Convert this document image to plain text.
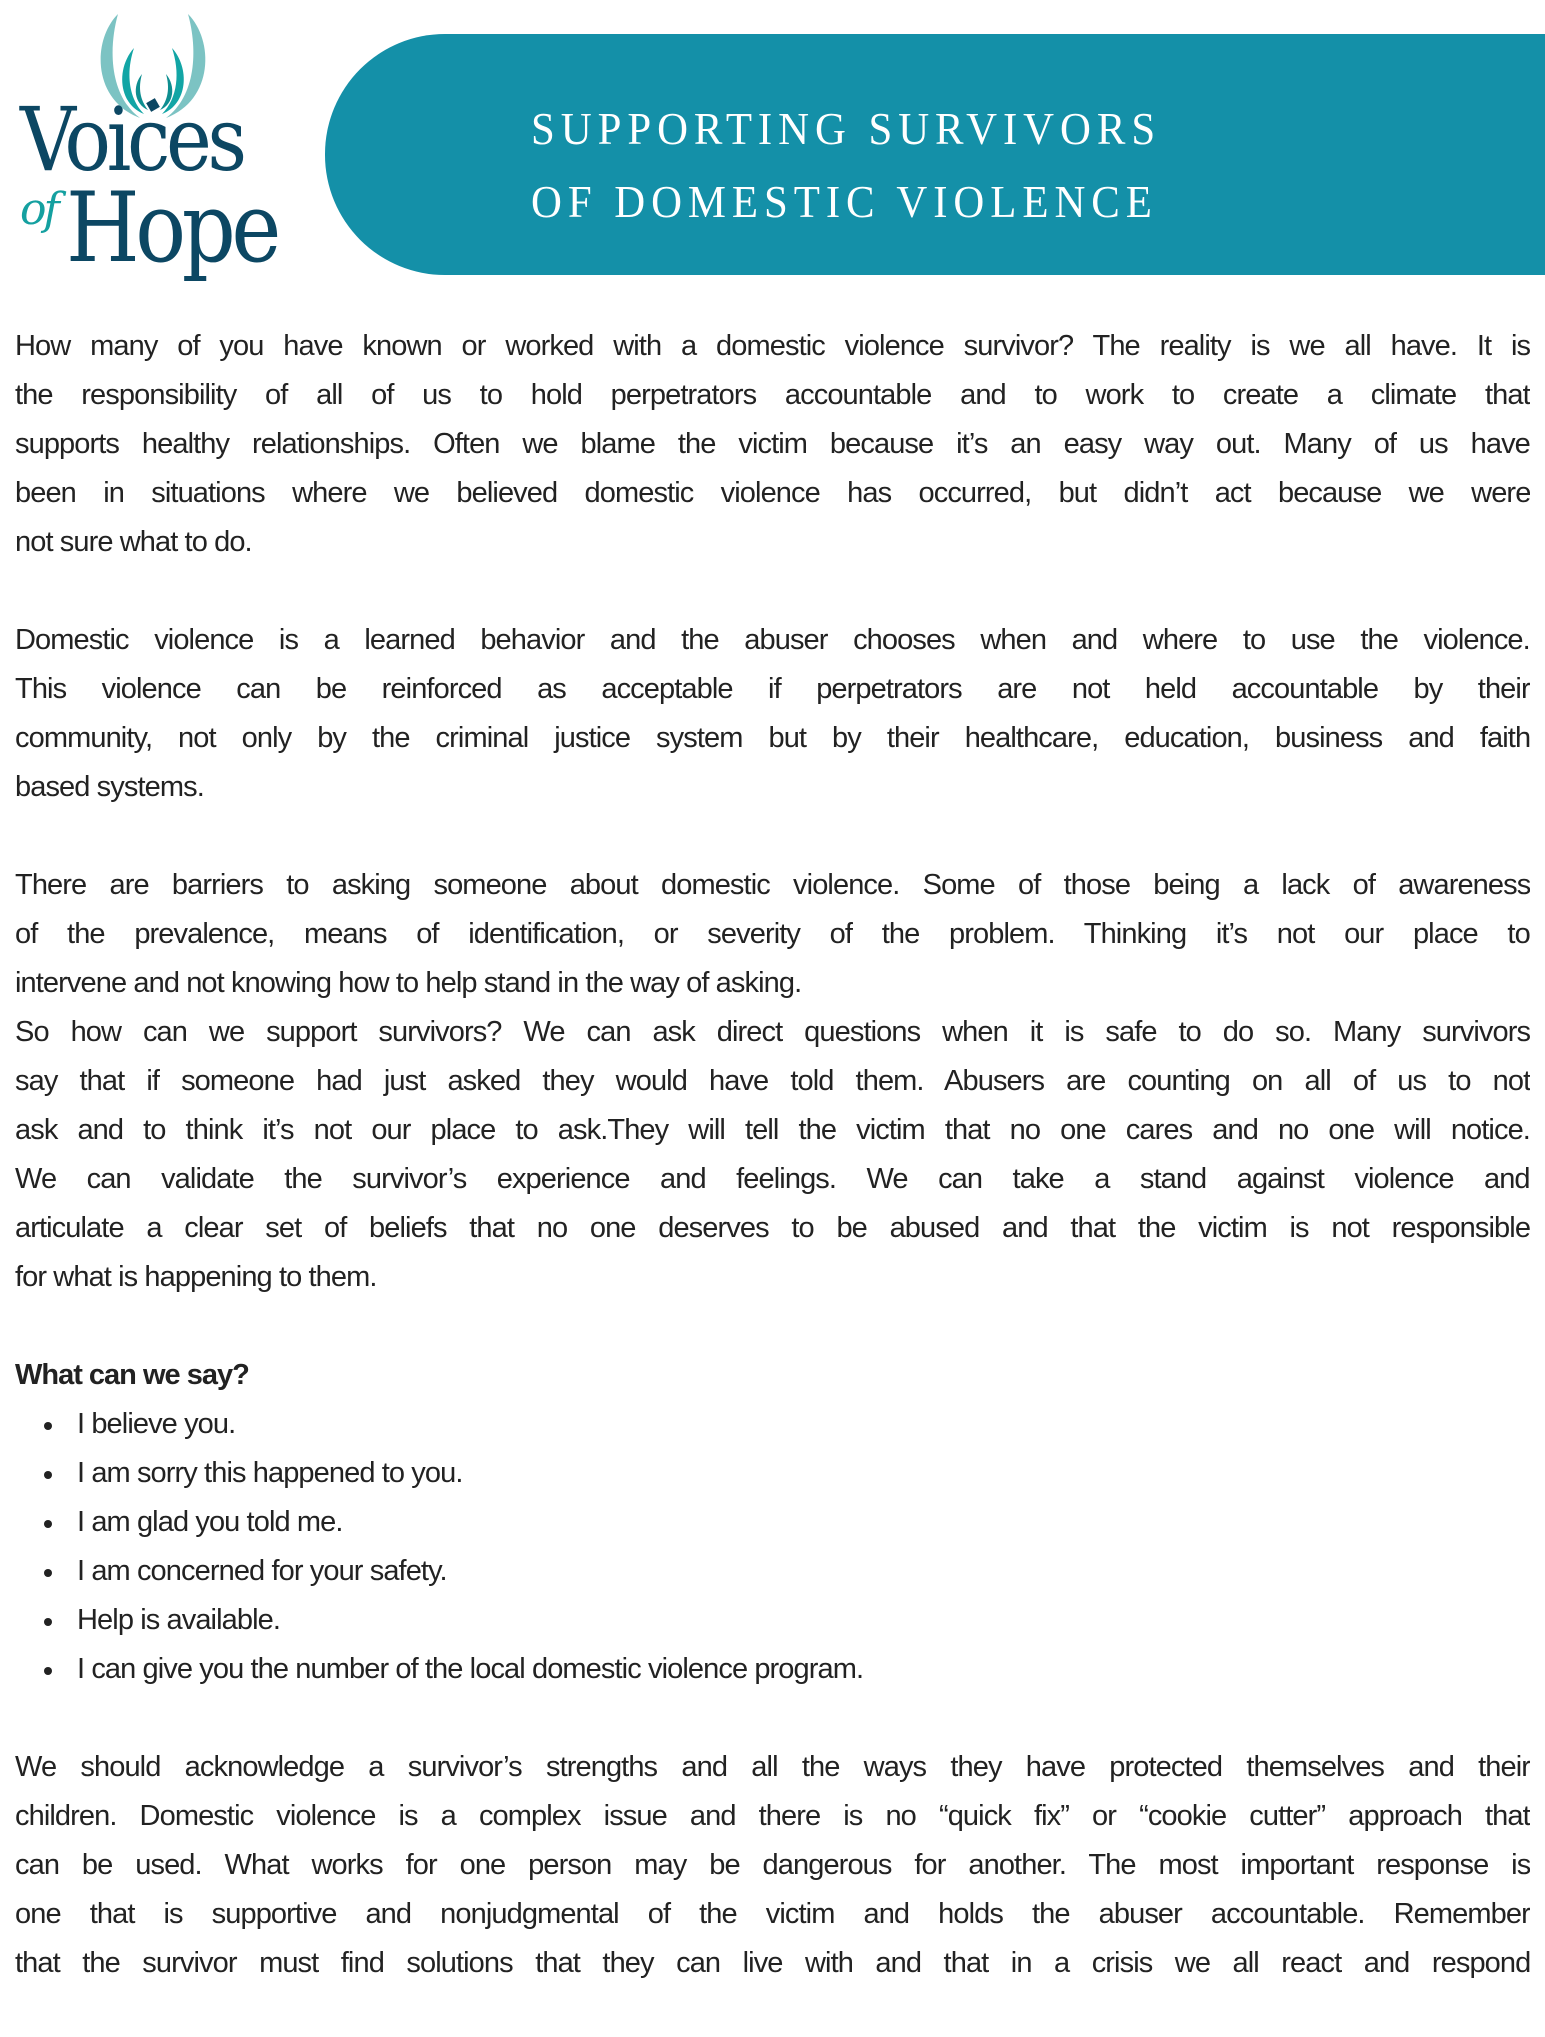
Voices
of Hope
SUPPORTING SURVIVORS
OF DOMESTIC VIOLENCE
How many of you have known or worked with a domestic violence survivor? The reality is we all have. It is
the responsibility of all of us to hold perpetrators accountable and to work to create a climate that
supports healthy relationships. Often we blame the victim because it’s an easy way out. Many of us have
been in situations where we believed domestic violence has occurred, but didn’t act because we were
not sure what to do.
Domestic violence is a learned behavior and the abuser chooses when and where to use the violence.
This violence can be reinforced as acceptable if perpetrators are not held accountable by their
community, not only by the criminal justice system but by their healthcare, education, business and faith
based systems.
There are barriers to asking someone about domestic violence. Some of those being a lack of awareness
of the prevalence, means of identification, or severity of the problem. Thinking it’s not our place to
intervene and not knowing how to help stand in the way of asking.
So how can we support survivors? We can ask direct questions when it is safe to do so. Many survivors
say that if someone had just asked they would have told them. Abusers are counting on all of us to not
ask and to think it’s not our place to ask.They will tell the victim that no one cares and no one will notice.
We can validate the survivor’s experience and feelings. We can take a stand against violence and
articulate a clear set of beliefs that no one deserves to be abused and that the victim is not responsible
for what is happening to them.
What can we say?
I believe you.
I am sorry this happened to you.
I am glad you told me.
I am concerned for your safety.
Help is available.
I can give you the number of the local domestic violence program.
We should acknowledge a survivor’s strengths and all the ways they have protected themselves and their
children. Domestic violence is a complex issue and there is no “quick fix” or “cookie cutter” approach that
can be used. What works for one person may be dangerous for another. The most important response is
one that is supportive and nonjudgmental of the victim and holds the abuser accountable. Remember
that the survivor must find solutions that they can live with and that in a crisis we all react and respond
